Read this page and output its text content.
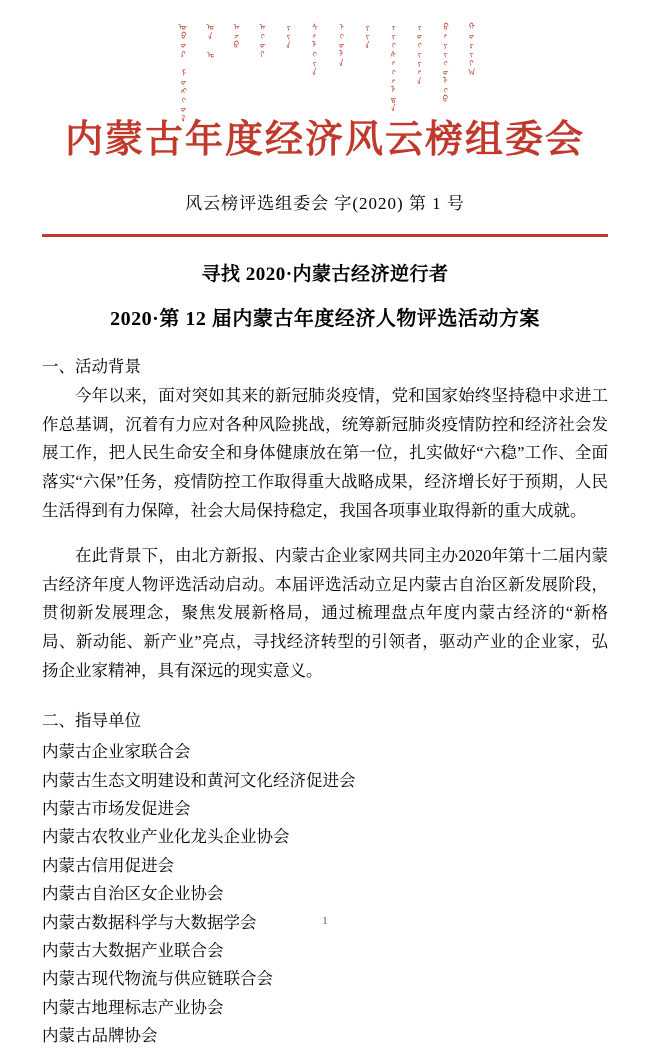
ᠦᠪᠦᠷ ᠮᠤᠩᠭᠤᠯ ᠤᠨ ᠤ ᠠᠵᠤ ᠠᠬᠤᠢ ᠶᠢᠨ ᠰᠠᠯᠬᠢᠨ ᠡᠭᠦᠯᠡ ᠶᠢᠨ ᠵᠢᠭᠰᠠᠭᠠᠯᠲᠠ ᠵᠤᠬᠢᠶᠠᠨ ᠪᠠᠶᠢᠭᠤᠯᠬᠤ ᠬᠣᠷᠢᠶ᠎ᠠ
内蒙古年度经济风云榜组委会
风云榜评选组委会 字(2020) 第 1 号
寻找 2020·内蒙古经济逆行者
2020·第 12 届内蒙古年度经济人物评选活动方案
一、活动背景

今年以来，面对突如其来的新冠肺炎疫情，党和国家始终坚持稳中求进工作总基调，沉着有力应对各种风险挑战，统筹新冠肺炎疫情防控和经济社会发展工作，把人民生命安全和身体健康放在第一位，扎实做好“六稳”工作、全面落实“六保”任务，疫情防控工作取得重大战略成果，经济增长好于预期，人民生活得到有力保障，社会大局保持稳定，我国各项事业取得新的重大成就。

在此背景下，由北方新报、内蒙古企业家网共同主办2020年第十二届内蒙古经济年度人物评选活动启动。本届评选活动立足内蒙古自治区新发展阶段，贯彻新发展理念，聚焦发展新格局，通过梳理盘点年度内蒙古经济的“新格局、新动能、新产业”亮点，寻找经济转型的引领者，驱动产业的企业家，弘扬企业家精神，具有深远的现实意义。

二、指导单位
内蒙古企业家联合会
内蒙古生态文明建设和黄河文化经济促进会
内蒙古市场发促进会
内蒙古农牧业产业化龙头企业协会
内蒙古信用促进会
内蒙古自治区女企业协会
内蒙古数据科学与大数据学会
内蒙古大数据产业联合会
内蒙古现代物流与供应链联合会
内蒙古地理标志产业协会
内蒙古品牌协会
1
